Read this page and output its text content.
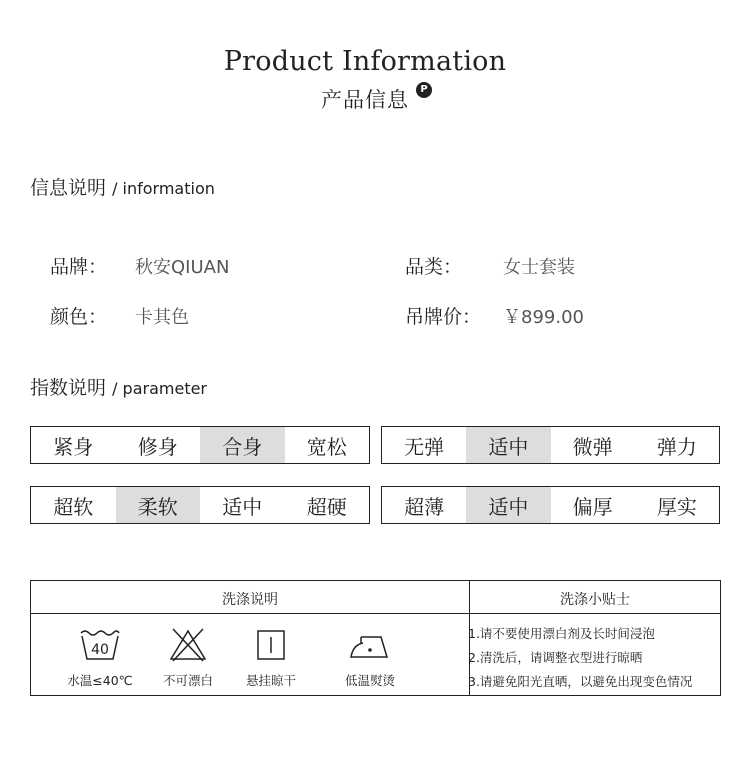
Product Information
产品信息	P
信息说明 / information
品牌： 秋安QIUAN	品类： 女士套装
颜色： 卡其色	吊牌价： ￥899.00
指数说明 / parameter
紧身	修身	合身	宽松	无弹	适中	微弹	弹力
超软	柔软	适中	超硬	超薄	适中	偏厚	厚实
洗涤说明	洗涤小贴士
40
水温≤40℃	不可漂白	悬挂晾干	低温熨烫
1.请不要使用漂白剂及长时间浸泡
2.清洗后，请调整衣型进行晾晒
3.请避免阳光直晒，以避免出现变色情况
